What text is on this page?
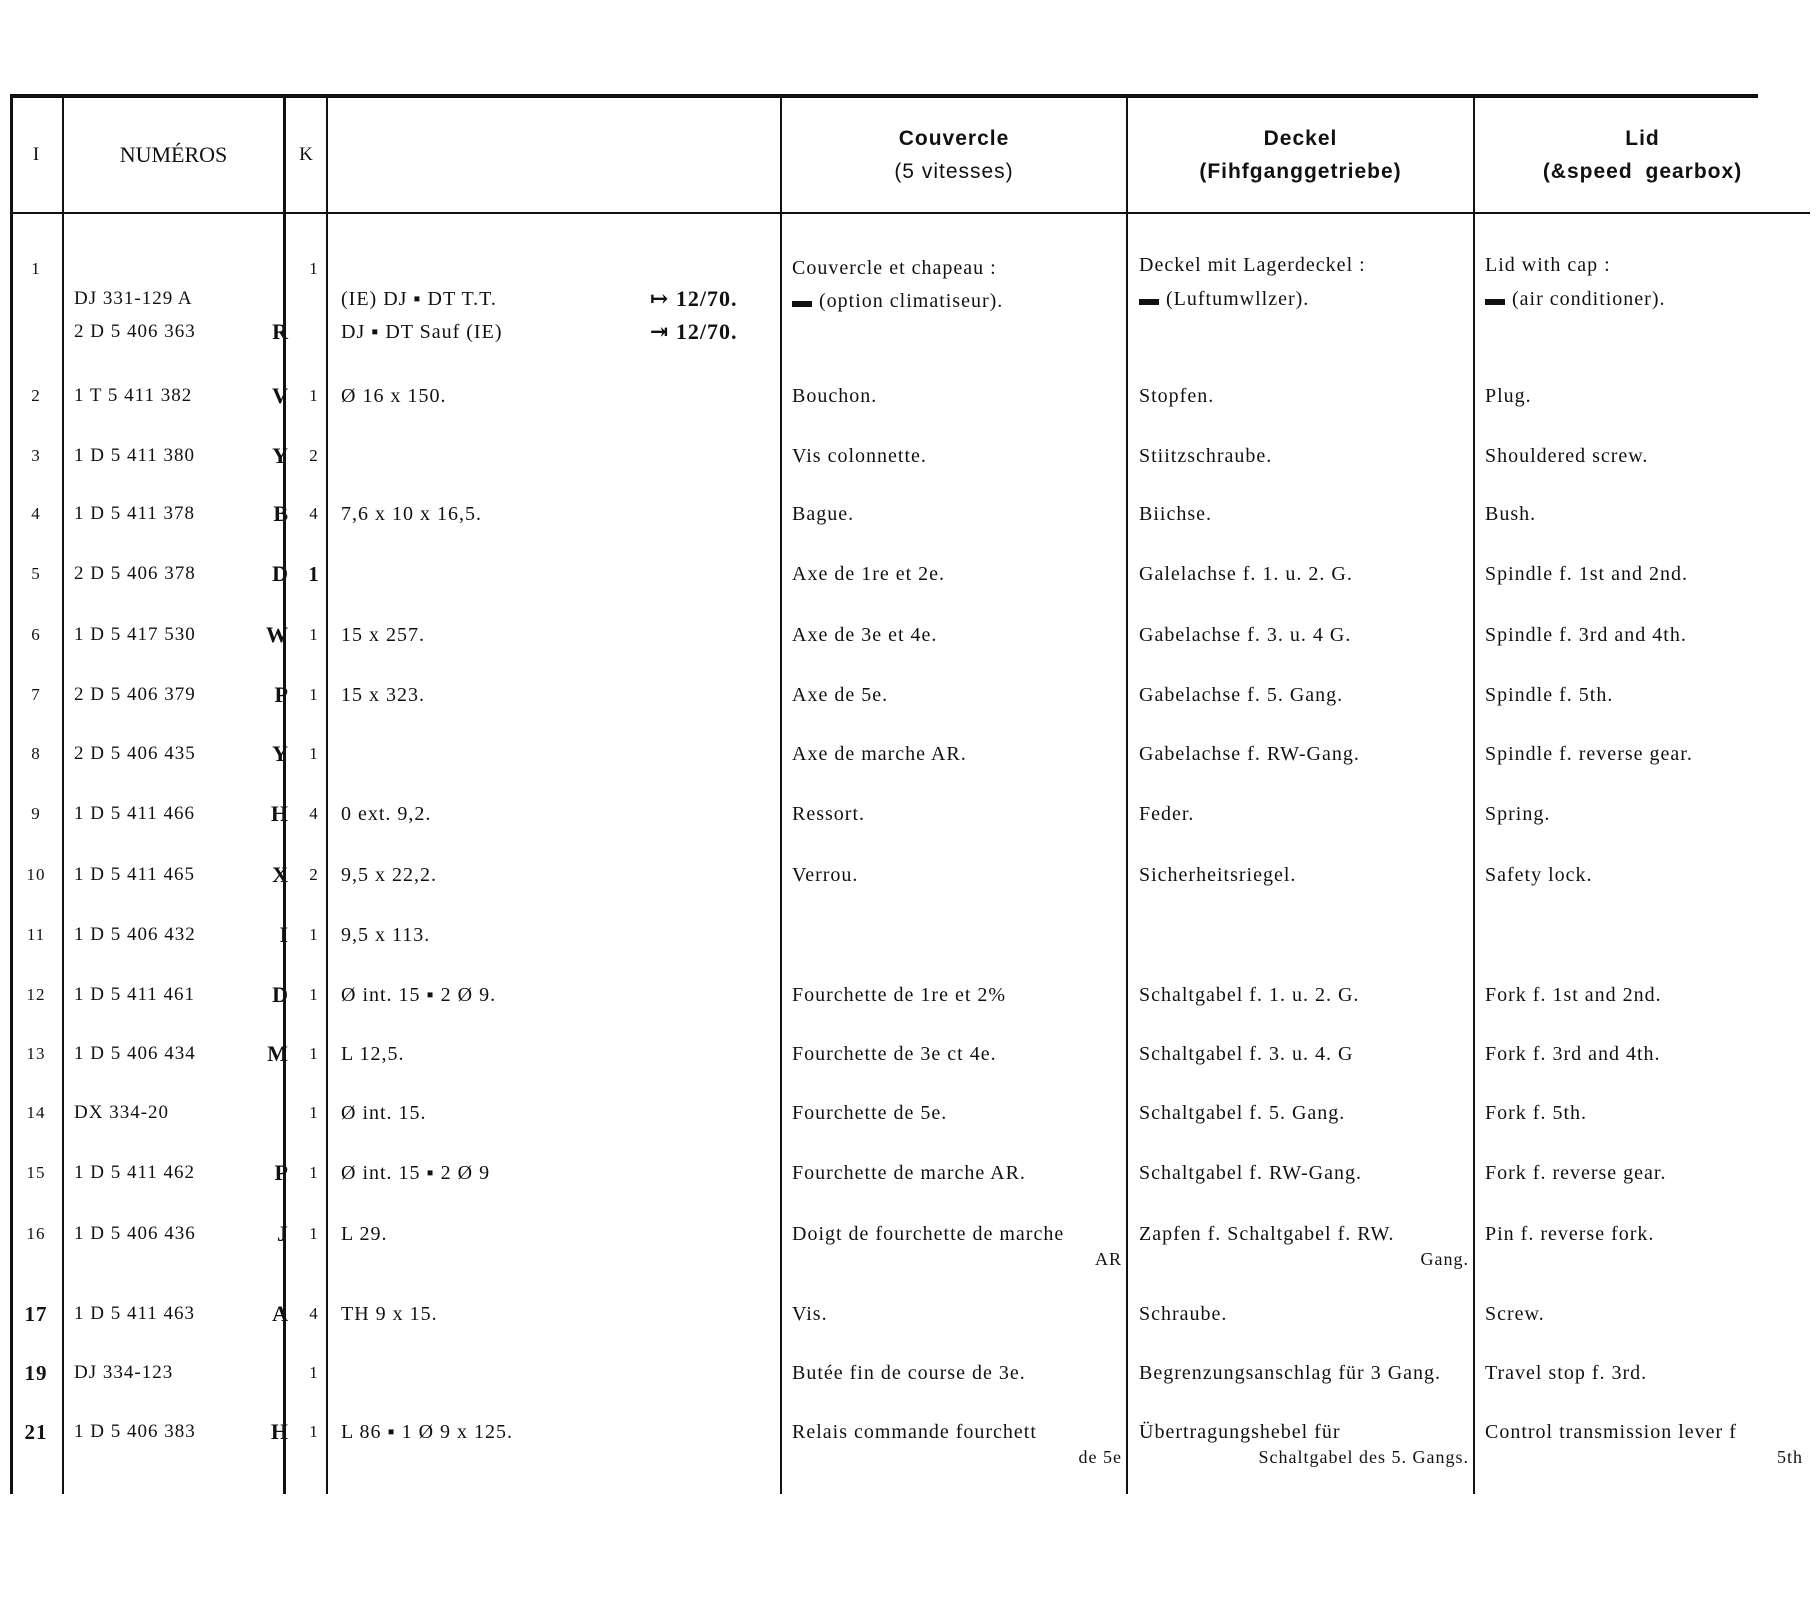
I	NUMÉROS	K
Couvercle
(5 vitesses)
Deckel
(Fihfganggetriebe)
Lid
(&speed gearbox)
1
DJ 331-129 A
2 D 5 406 363	R
1
(IE) DJ ▪ DT T.T.	↦ 12/70.
DJ ▪ DT Sauf (IE)	⇥ 12/70.
Couvercle et chapeau :
▬ (option climatiseur).
Deckel mit Lagerdeckel :
▬ (Luftumwllzer).
Lid with cap :
▬ (air conditioner).
2	1 T 5 411 382	V	1	Ø 16 x 150.	Bouchon.	Stopfen.	Plug.
3	1 D 5 411 380	Y	2	Vis colonnette.	Stiitzschraube.	Shouldered screw.
4	1 D 5 411 378	B	4	7,6 x 10 x 16,5.	Bague.	Biichse.	Bush.
5	2 D 5 406 378	D 1	Axe de 1re et 2e.	Galelachse f. 1. u. 2. G.	Spindle f. 1st and 2nd.
6	1 D 5 417 530	W	1	15 x 257.	Axe de 3e et 4e.	Gabelachse f. 3. u. 4 G.	Spindle f. 3rd and 4th.
7	2 D 5 406 379	P	1	15 x 323.	Axe de 5e.	Gabelachse f. 5. Gang.	Spindle f. 5th.
8	2 D 5 406 435	Y	1	Axe de marche AR.	Gabelachse f. RW-Gang.	Spindle f. reverse gear.
9	1 D 5 411 466	H	4	0 ext. 9,2.	Ressort.	Feder.	Spring.
10	1 D 5 411 465	X	2	9,5 x 22,2.	Verrou.	Sicherheitsriegel.	Safety lock.
11	1 D 5 406 432	I	1	9,5 x 113.
12	1 D 5 411 461	D	1	Ø int. 15 ▪ 2 Ø 9.	Fourchette de 1re et 2%	Schaltgabel f. 1. u. 2. G.	Fork f. 1st and 2nd.
13	1 D 5 406 434	M	1	L 12,5.	Fourchette de 3e ct 4e.	Schaltgabel f. 3. u. 4. G	Fork f. 3rd and 4th.
14	DX 334-20	1	Ø int. 15.	Fourchette de 5e.	Schaltgabel f. 5. Gang.	Fork f. 5th.
15	1 D 5 411 462	P	1	Ø int. 15 ▪ 2 Ø 9	Fourchette de marche AR.	Schaltgabel f. RW-Gang.	Fork f. reverse gear.
16	1 D 5 406 436	J	1	L 29.	Doigt de fourchette de marche
AR
Zapfen f. Schaltgabel f. RW.
Gang.
Pin f. reverse fork.
17	1 D 5 411 463	A	4	TH 9 x 15.	Vis.	Schraube.	Screw.
19	DJ 334-123	1	Butée fin de course de 3e.	Begrenzungsanschlag für 3 Gang.	Travel stop f. 3rd.
21	1 D 5 406 383	H	1	L 86 ▪ 1 Ø 9 x 125.	Relais commande fourchett
de 5e
Übertragungshebel für
Schaltgabel des 5. Gangs.
Control transmission lever f
5th
